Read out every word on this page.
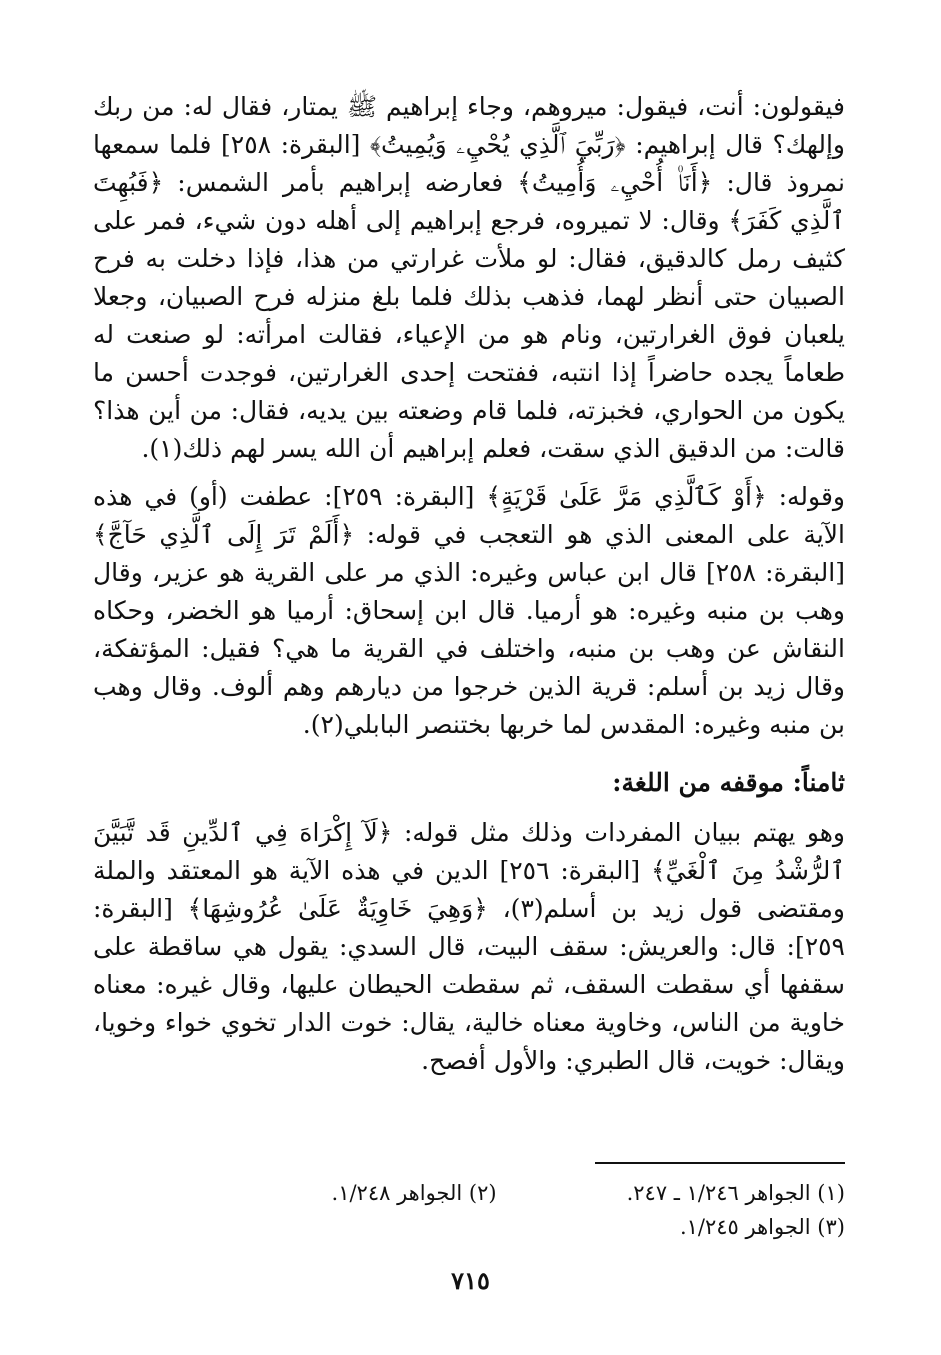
فيقولون: أنت، فيقول: ميروهم، وجاء إبراهيم ﷺ يمتار، فقال له: من ربك وإلهك؟ قال إبراهيم: ﴿رَبِّيَ ٱلَّذِي يُحْيِۦ وَيُمِيتُ﴾ [البقرة: ٢٥٨] فلما سمعها نمروذ قال: ﴿أَنَا۠ أُحْيِۦ وَأُمِيتُ﴾ فعارضه إبراهيم بأمر الشمس: ﴿فَبُهِتَ ٱلَّذِي كَفَرَ﴾ وقال: لا تميروه، فرجع إبراهيم إلى أهله دون شيء، فمر على كثيف رمل كالدقيق، فقال: لو ملأت غرارتي من هذا، فإذا دخلت به فرح الصبيان حتى أنظر لهما، فذهب بذلك فلما بلغ منزله فرح الصبيان، وجعلا يلعبان فوق الغرارتين، ونام هو من الإعياء، فقالت امرأته: لو صنعت له طعاماً يجده حاضراً إذا انتبه، ففتحت إحدى الغرارتين، فوجدت أحسن ما يكون من الحواري، فخبزته، فلما قام وضعته بين يديه، فقال: من أين هذا؟ قالت: من الدقيق الذي سقت، فعلم إبراهيم أن الله يسر لهم ذلك(١).

وقوله: ﴿أَوْ كَٱلَّذِي مَرَّ عَلَىٰ قَرْيَةٍ﴾ [البقرة: ٢٥٩]: عطفت (أو) في هذه الآية على المعنى الذي هو التعجب في قوله: ﴿أَلَمْ تَرَ إِلَى ٱلَّذِي حَآجَّ﴾ [البقرة: ٢٥٨] قال ابن عباس وغيره: الذي مر على القرية هو عزير، وقال وهب بن منبه وغيره: هو أرميا. قال ابن إسحاق: أرميا هو الخضر، وحكاه النقاش عن وهب بن منبه، واختلف في القرية ما هي؟ فقيل: المؤتفكة، وقال زيد بن أسلم: قرية الذين خرجوا من ديارهم وهم ألوف. وقال وهب بن منبه وغيره: المقدس لما خربها بختنصر البابلي(٢).

ثامناً: موقفه من اللغة:

وهو يهتم ببيان المفردات وذلك مثل قوله: ﴿لَآ إِكْرَاهَ فِي ٱلدِّينِ قَد تَّبَيَّنَ ٱلرُّشْدُ مِنَ ٱلْغَيِّ﴾ [البقرة: ٢٥٦] الدين في هذه الآية هو المعتقد والملة ومقتضى قول زيد بن أسلم(٣)، ﴿وَهِيَ خَاوِيَةٌ عَلَىٰ عُرُوشِهَا﴾ [البقرة: ٢٥٩]: قال: والعريش: سقف البيت، قال السدي: يقول هي ساقطة على سقفها أي سقطت السقف، ثم سقطت الحيطان عليها، وقال غيره: معناه خاوية من الناس، وخاوية معناه خالية، يقال: خوت الدار تخوي خواء وخويا، ويقال: خويت، قال الطبري: والأول أفصح.

(١) الجواهر ١/٢٤٦ ـ ٢٤٧.
(٢) الجواهر ١/٢٤٨.
(٣) الجواهر ١/٢٤٥.
٧١٥
